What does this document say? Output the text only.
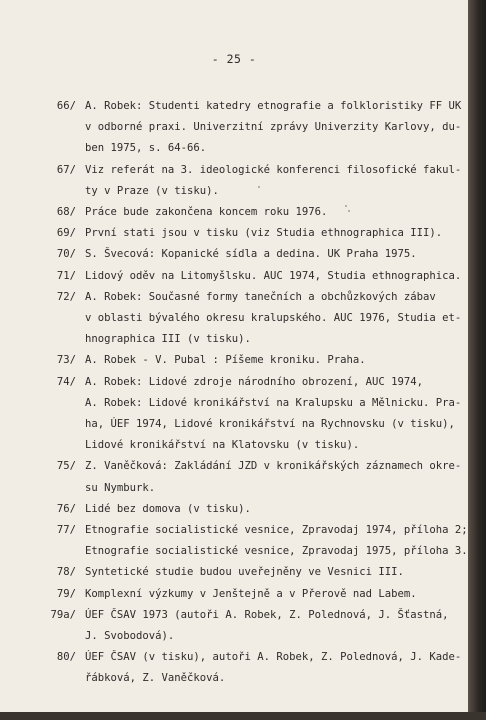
- 25 -
66/ A. Robek: Studenti katedry etnografie a folkloristiky FF UK
v odborné praxi. Univerzitní zprávy Univerzity Karlovy, du-
ben 1975, s. 64-66.
67/ Viz referát na 3. ideologické konferenci filosofické fakul-
ty v Praze (v tisku).
68/ Práce bude zakončena koncem roku 1976.
69/ První stati jsou v tisku (viz Studia ethnographica III).
70/ S. Švecová: Kopanické sídla a dedina. UK Praha 1975.
71/ Lidový oděv na Litomyšlsku. AUC 1974, Studia ethnographica.
72/ A. Robek: Současné formy tanečních a obchůzkových zábav
v oblasti bývalého okresu kralupského. AUC 1976, Studia et-
hnographica III (v tisku).
73/ A. Robek - V. Pubal : Píšeme kroniku. Praha.
74/ A. Robek: Lidové zdroje národního obrození, AUC 1974,
A. Robek: Lidové kronikářství na Kralupsku a Mělnicku. Pra-
ha, ÚEF 1974, Lidové kronikářství na Rychnovsku (v tisku),
Lidové kronikářství na Klatovsku (v tisku).
75/ Z. Vaněčková: Zakládání JZD v kronikářských záznamech okre-
su Nymburk.
76/ Lidé bez domova (v tisku).
77/ Etnografie socialistické vesnice, Zpravodaj 1974, příloha 2;
Etnografie socialistické vesnice, Zpravodaj 1975, příloha 3.
78/ Syntetické studie budou uveřejněny ve Vesnici III.
79/ Komplexní výzkumy v Jenštejně a v Přerově nad Labem.
79a/ ÚEF ČSAV 1973 (autoři A. Robek, Z. Polednová, J. Šťastná,
J. Svobodová).
80/ ÚEF ČSAV (v tisku), autoři A. Robek, Z. Polednová, J. Kade-
řábková, Z. Vaněčková.
